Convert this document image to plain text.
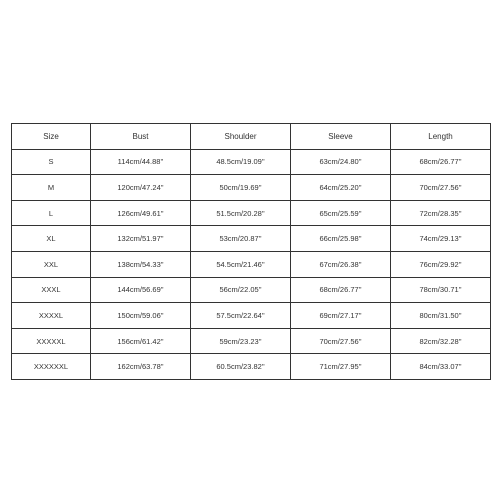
Size	Bust	Shoulder	Sleeve	Length
S	114cm/44.88''	48.5cm/19.09''	63cm/24.80''	68cm/26.77''
M	120cm/47.24''	50cm/19.69''	64cm/25.20''	70cm/27.56''
L	126cm/49.61''	51.5cm/20.28''	65cm/25.59''	72cm/28.35''
XL	132cm/51.97''	53cm/20.87''	66cm/25.98''	74cm/29.13''
XXL	138cm/54.33''	54.5cm/21.46''	67cm/26.38''	76cm/29.92''
XXXL	144cm/56.69''	56cm/22.05''	68cm/26.77''	78cm/30.71''
XXXXL	150cm/59.06''	57.5cm/22.64''	69cm/27.17''	80cm/31.50''
XXXXXL	156cm/61.42''	59cm/23.23''	70cm/27.56''	82cm/32.28''
XXXXXXL	162cm/63.78''	60.5cm/23.82''	71cm/27.95''	84cm/33.07''
